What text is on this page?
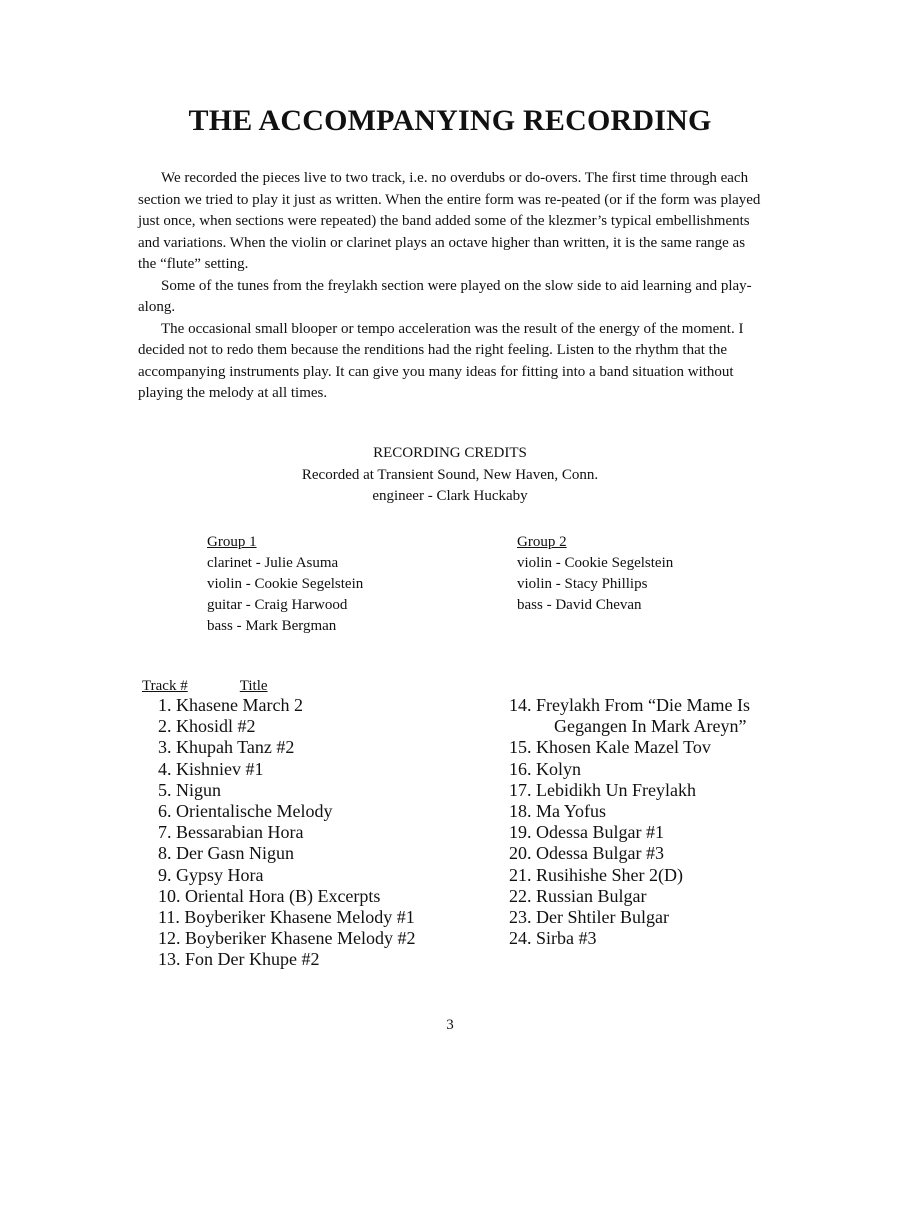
THE ACCOMPANYING RECORDING

We recorded the pieces live to two track, i.e. no overdubs or do-overs. The first time through each section we tried to play it just as written. When the entire form was re-peated (or if the form was played just once, when sections were repeated) the band added some of the klezmer’s typical embellishments and variations. When the violin or clarinet plays an octave higher than written, it is the same range as the “flute” setting.

Some of the tunes from the freylakh section were played on the slow side to aid learning and play-along.

The occasional small blooper or tempo acceleration was the result of the energy of the moment. I decided not to redo them because the renditions had the right feeling. Listen to the rhythm that the accompanying instruments play. It can give you many ideas for fitting into a band situation without playing the melody at all times.

RECORDING CREDITS
Recorded at Transient Sound, New Haven, Conn.
engineer - Clark Huckaby
Group 1
clarinet - Julie Asuma
violin - Cookie Segelstein
guitar - Craig Harwood
bass - Mark Bergman
Group 2
violin - Cookie Segelstein
violin - Stacy Phillips
bass - David Chevan
Track #	Title
1. Khasene March 2
2. Khosidl #2
3. Khupah Tanz #2
4. Kishniev #1
5. Nigun
6. Orientalische Melody
7. Bessarabian Hora
8. Der Gasn Nigun
9. Gypsy Hora
10. Oriental Hora (B) Excerpts
11. Boyberiker Khasene Melody #1
12. Boyberiker Khasene Melody #2
13. Fon Der Khupe #2
14. Freylakh From “Die Mame Is
Gegangen In Mark Areyn”
15. Khosen Kale Mazel Tov
16. Kolyn
17. Lebidikh Un Freylakh
18. Ma Yofus
19. Odessa Bulgar #1
20. Odessa Bulgar #3
21. Rusihishe Sher 2(D)
22. Russian Bulgar
23. Der Shtiler Bulgar
24. Sirba #3
3
